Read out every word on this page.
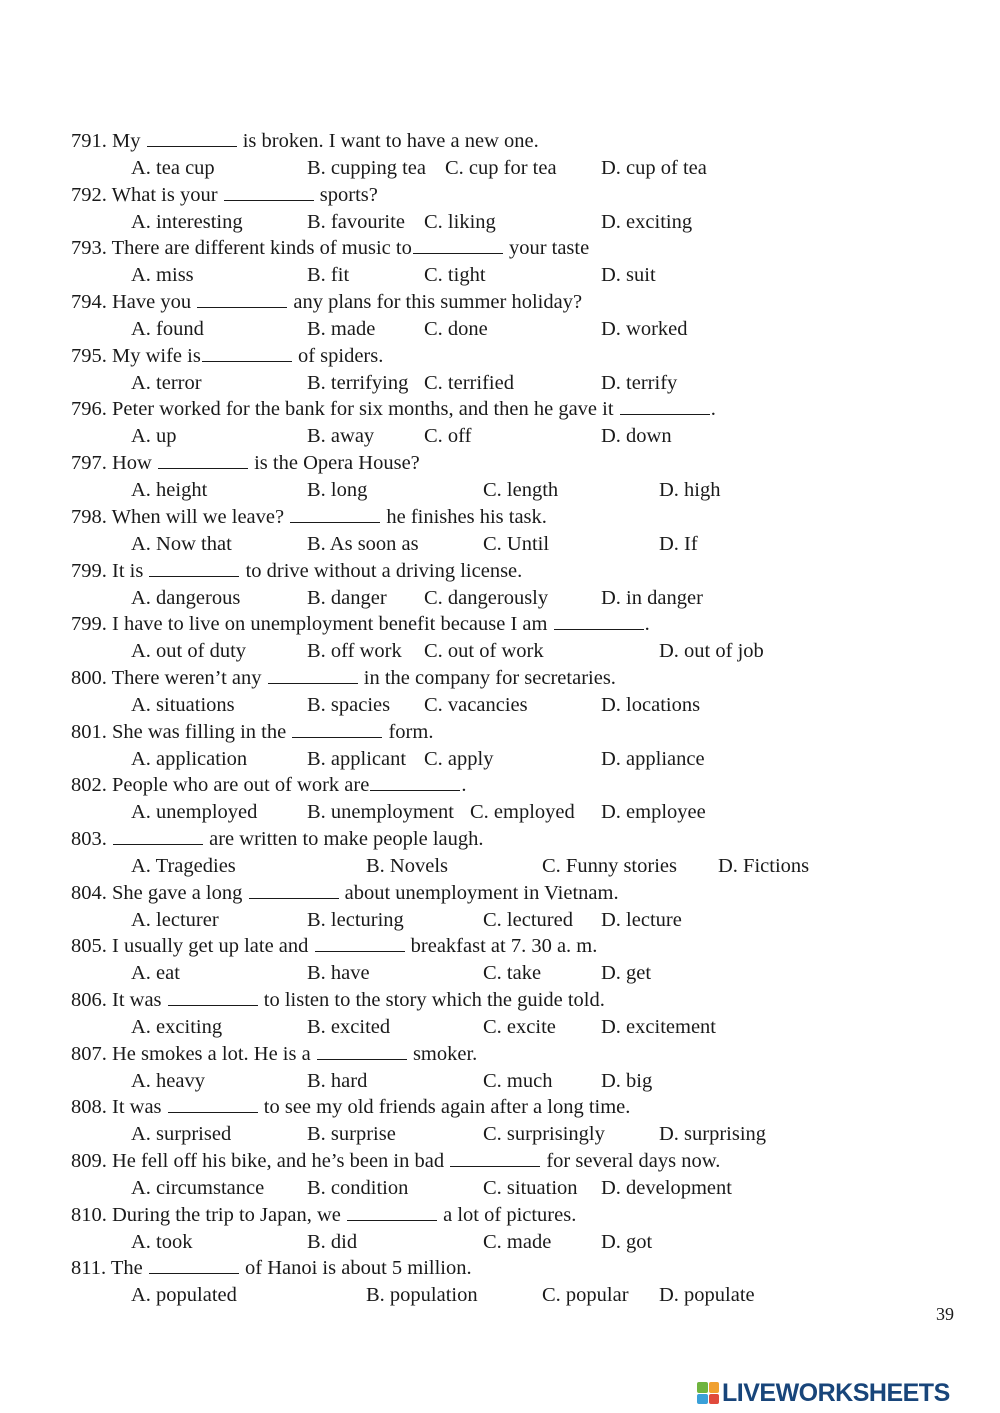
791. My	is broken. I want to have a new one.
A. tea cup	B. cupping tea C. cup for tea D. cup of tea
792. What is your	sports?
A. interesting	B. favourite C. liking	D. exciting
793. There are different kinds of music to	your taste
A. miss	B. fit	C. tight	D. suit
794. Have you	any plans for this summer holiday?
A. found	B. made C. done	D. worked
795. My wife is	of spiders.
A. terror	B. terrifying C. terrified	D. terrify
796. Peter worked for the bank for six months, and then he gave it	.
A. up	B. away C. off	D. down
797. How	is the Opera House?
A. height	B. long	C. length	D. high
798. When will we leave?	he finishes his task.
A. Now that	B. As soon as	C. Until	D. If
799. It is	to drive without a driving license.
A. dangerous	B. danger C. dangerously	D. in danger
799. I have to live on unemployment benefit because I am	.
A. out of duty	B. off work C. out of work	D. out of job
800. There weren’t any	in the company for secretaries.
A. situations	B. spacies C. vacancies	D. locations
801. She was filling in the	form.
A. application	B. applicant C. apply	D. appliance
802. People who are out of work are	.
A. unemployed B. unemployment C. employed D. employee
803.	are written to make people laugh.
A. Tragedies	B. Novels	C. Funny stories D. Fictions
804. She gave a long	about unemployment in Vietnam.
A. lecturer	B. lecturing	C. lectured D. lecture
805. I usually get up late and	breakfast at 7. 30 a. m.
A. eat	B. have	C. take	D. get
806. It was	to listen to the story which the guide told.
A. exciting	B. excited	C. excite D. excitement
807. He smokes a lot. He is a	smoker.
A. heavy	B. hard	C. much D. big
808. It was	to see my old friends again after a long time.
A. surprised	B. surprise	C. surprisingly	D. surprising
809. He fell off his bike, and he’s been in bad	for several days now.
A. circumstance B. condition	C. situation D. development
810. During the trip to Japan, we	a lot of pictures.
A. took	B. did	C. made D. got
811. The	of Hanoi is about 5 million.
A. populated	B. population	C. popular D. populate
39
LIVEWORKSHEETS
